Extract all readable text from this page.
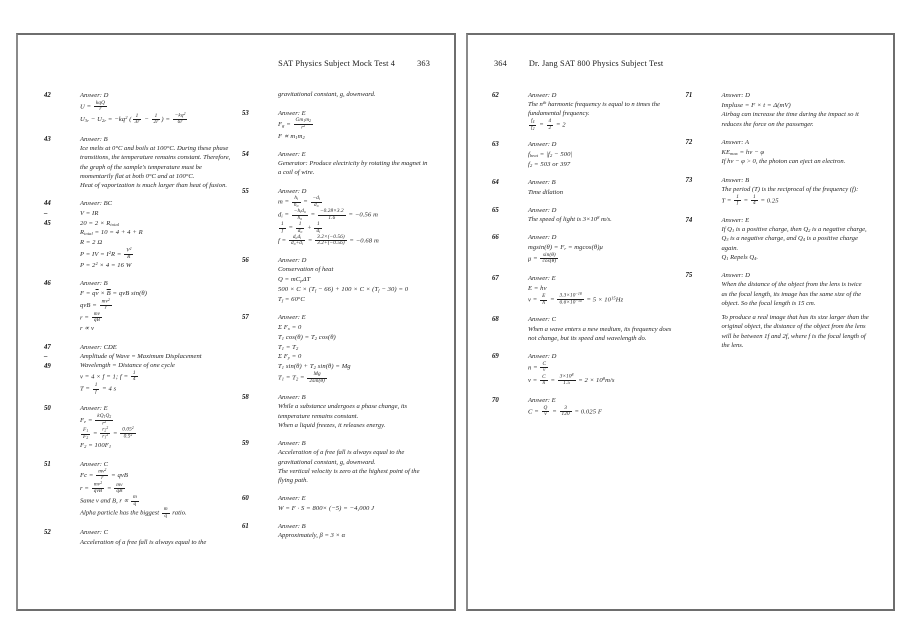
SAT Physics Subject Mock Test 4	363
42	Answer: D
$U = \frac{\text{kqQ}}{r}$
$U_{3r} - U_{2r} = -kq^2$ ( $\frac{1}{3r} - \frac{1}{2r}$ ) = $\frac{-kq^2}{6r}$
43	Answer: B
Ice melts at 0°C and boils at 100°C. During these phase transitions, the temperature remains constant. Therefore, the graph of the sample's temperature must be momentarily flat at both 0°C and at 100°C.
Heat of vaporization is much larger than heat of fusion.
44
–
45
Answer: BC
V = IR
$20 = 2 \times R_{total}$
$R_{total} = 10 = 4 + 4 + R$
R = 2 Ω
P = IV = $I^2R = \frac{V^2}{R}$
$P = 2^2 \times 4 = 16$ W
46	Answer: B
$F = q\overline{v} \times \overline{B}$ = qvB sin(θ)
qvB = $\frac{mv^2}{r}$
$r = \frac{mv}{qB}$
r ∝ v
47
–
49
Answer: CDE
Amplitude of Wave = Maximum Displacement
Wavelength = Distance of one cycle
v = 4 × f = 1; $f = \frac{1}{4}$
$T = \frac{1}{f} = 4$ s
50	Answer: E
$F_e = \frac{kQ_1Q_2}{r^2}$
$\frac{F_1}{F_2} = \frac{r_2^2}{r_1^2} = \frac{0.05^2}{0.5^2}$
$F_2 = 100F_1$
51	Answer: C
$Fc = \frac{mv^2}{r}$ = qvB
$r = \frac{mv^2}{\text{qvB}} = \frac{mv}{qB}$
Same v and B, $r \propto \frac{m}{q}$
Alpha particle has the biggest $\frac{m}{q}$ ratio.
52	Answer: C
Acceleration of a free fall is always equal to the
gravitational constant, g, downward.
53	Answer: E
$F_g = \frac{Gm_1m_2}{r^2}$
$F \propto m_1m_2$
54	Answer: E
Generator: Produce electricity by rotating the magnet in a coil of wire.
55	Answer: D
$m = \frac{h_i}{h_o} = \frac{-d_i}{d_o}$
$d_i = \frac{-h_id_o}{h_o} = \frac{-0.28\times 3.2}{1.6} = -0.56$ m
$\frac{1}{f} = \frac{1}{d_o} + \frac{1}{d_i}$
$f = \frac{d_od_i}{d_o+d_i} = \frac{3.2\times(-0.56)}{3.2+(-0.56)} = -0.68$ m
56	Answer: D
Conservation of heat
$Q = mC_p\Delta T$
$500 \times C \times (T_f - 66) + 100 \times C \times (T_f - 30) = 0$
$T_f = 60^oC$
57	Answer: E
Σ $F_x = 0$
$T_1$ $\cos(\theta) = T_2$ cos(θ)
$T_1 = T_2$
Σ $F_y = 0$
$T_1$ $\sin(\theta) + T_2$ sin(θ) = Mg
$T_1 = T_2 = \frac{Mg}{2\sin(\theta)}$
58	Answer: B
While a substance undergoes a phase change, its temperature remains constant.
When a liquid freezes, it releases energy.
59	Answer: B
Acceleration of a free fall is always equal to the gravitational constant, g, downward.
The vertical velocity is zero at the highest point of the flying path.
60	Answer: E
W = F · S = 800× (−5) = −4,000 J
61	Answer: B
Approximately, β = 3 × α
364	Dr. Jang SAT 800 Physics Subject Test
62	Answer: D
The $n^{th}$ harmonic frequency is equal to n times the fundamental frequency.
$\frac{f_4}{f_2} = \frac{4}{2} = 2$
63	Answer: D
$f_{beat} = |f_2 - 500|$
$f_2 = 503$ or 397
64	Answer: B
Time dilation
65	Answer: D
The speed of light is $3\times 10^8$ m/s.
66	Answer: D
$mgsin(\theta) = F_r = mgcos(\theta)\mu$
$\mu = \frac{\sin(\theta)}{\cos(\theta)}$
67	Answer: E
E = hv
$v = \frac{E}{h} = \frac{3.3\times 10^{-18}}{6.6\times 10^{-34}} = 5 \times 10^{15}Hz$
68	Answer: C
When a wave enters a new medium, its frequency does not change, but its speed and wavelength do.
69	Answer: D
$n = \frac{C}{v}$
$v = \frac{C}{n} = \frac{3\times 10^8}{1.5} = 2 \times 10^8m/s$
70	Answer: E
$C = \frac{Q}{v} = \frac{3}{120} = 0.025$ F
71	Answer: D
Impluse = F × t = Δ(mV)
Airbag can increase the time during the impact so it reduces the force on the passenger.
72	Answer: A
$KE_{max}$ = hv − φ
If hv − φ > 0, the photon can eject an electron.
73	Answer: B
The period (T) is the reciprocal of the frequency (f):
$T = \frac{1}{f} = \frac{1}{4} = 0.25$
74	Answer: E
If $Q_1$ is a positive charge, then $Q_2$ is a negative charge, $Q_3$ is a negative charge, and $Q_4$ is a positive charge again.
$Q_1$ Repels $Q_4$.
75	Answer: D
When the distance of the object from the lens is twice as the focal length, its image has the same size of the object. So the focal length is 15 cm.
To produce a real image that has its size larger than the original object, the distance of the object from the lens will be between 1f and 2f, where f is the focal length of the lens.
